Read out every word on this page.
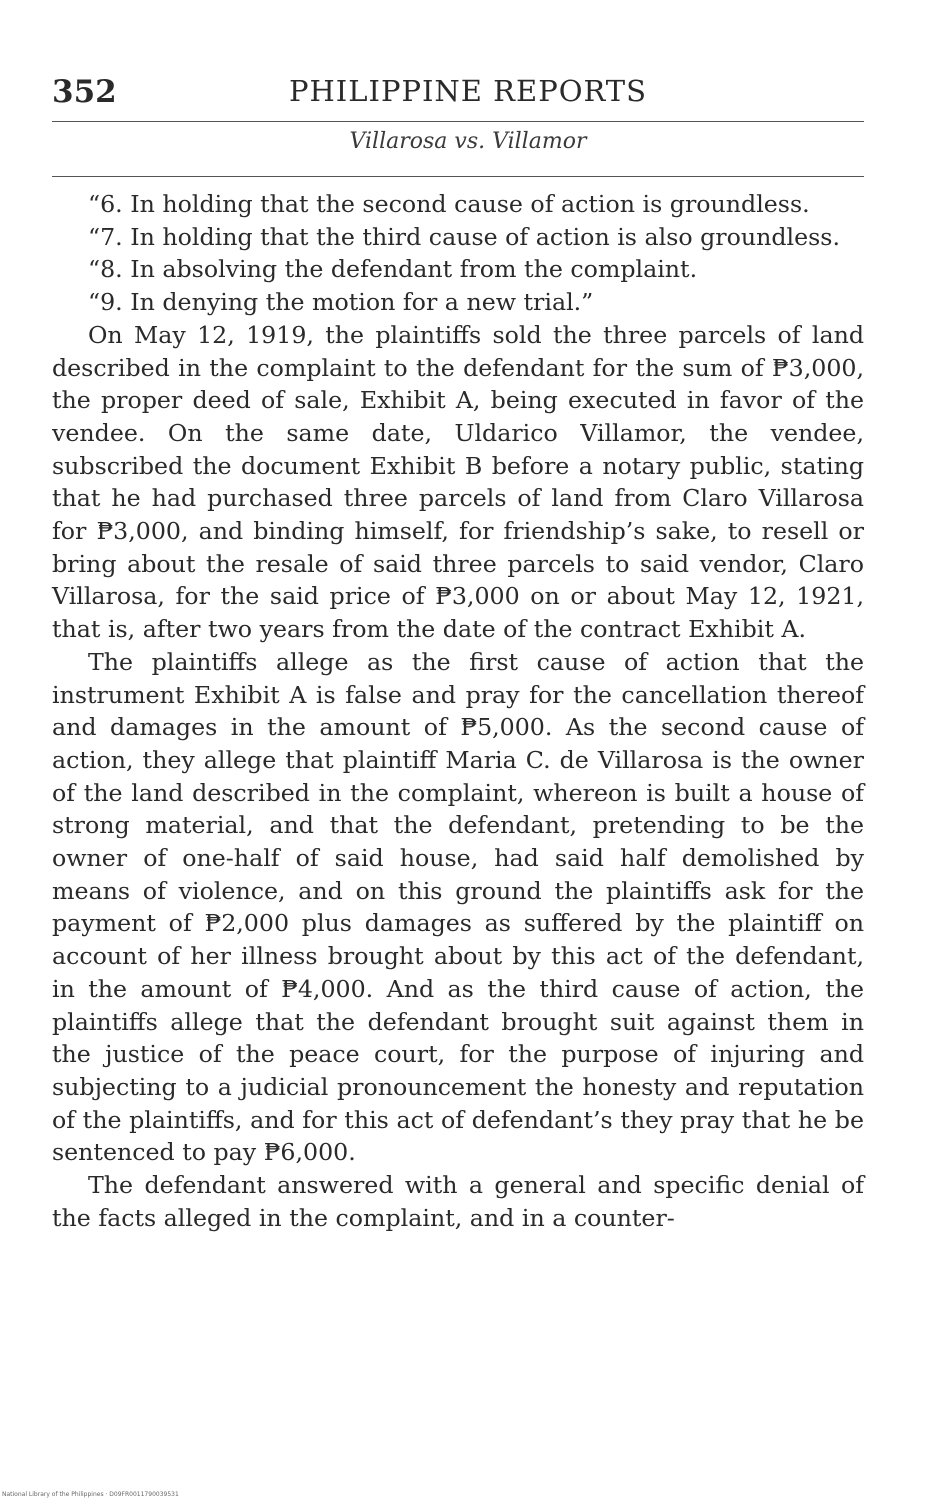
352	PHILIPPINE REPORTS
Villarosa vs. Villamor

“6. In holding that the second cause of action is groundless.

“7. In holding that the third cause of action is also groundless.

“8. In absolving the defendant from the complaint.

“9. In denying the motion for a new trial.”

On May 12, 1919, the plaintiffs sold the three parcels of land described in the complaint to the defendant for the sum of ₱3,000, the proper deed of sale, Exhibit A, being executed in favor of the vendee. On the same date, Uldarico Villamor, the vendee, subscribed the document Exhibit B before a notary public, stating that he had purchased three parcels of land from Claro Villarosa for ₱3,000, and binding himself, for friendship’s sake, to resell or bring about the resale of said three parcels to said vendor, Claro Villarosa, for the said price of ₱3,000 on or about May 12, 1921, that is, after two years from the date of the contract Exhibit A.

The plaintiffs allege as the first cause of action that the instrument Exhibit A is false and pray for the cancellation thereof and damages in the amount of ₱5,000. As the second cause of action, they allege that plaintiff Maria C. de Villarosa is the owner of the land described in the complaint, whereon is built a house of strong material, and that the defendant, pretending to be the owner of one-half of said house, had said half demolished by means of violence, and on this ground the plaintiffs ask for the payment of ₱2,000 plus damages as suffered by the plaintiff on account of her illness brought about by this act of the defendant, in the amount of ₱4,000. And as the third cause of action, the plaintiffs allege that the defendant brought suit against them in the justice of the peace court, for the purpose of injuring and subjecting to a judicial pronouncement the honesty and reputation of the plaintiffs, and for this act of defendant’s they pray that he be sentenced to pay ₱6,000.

The defendant answered with a general and specific denial of the facts alleged in the complaint, and in a counter-

National Library of the Philippines · D09FR0011790039531
